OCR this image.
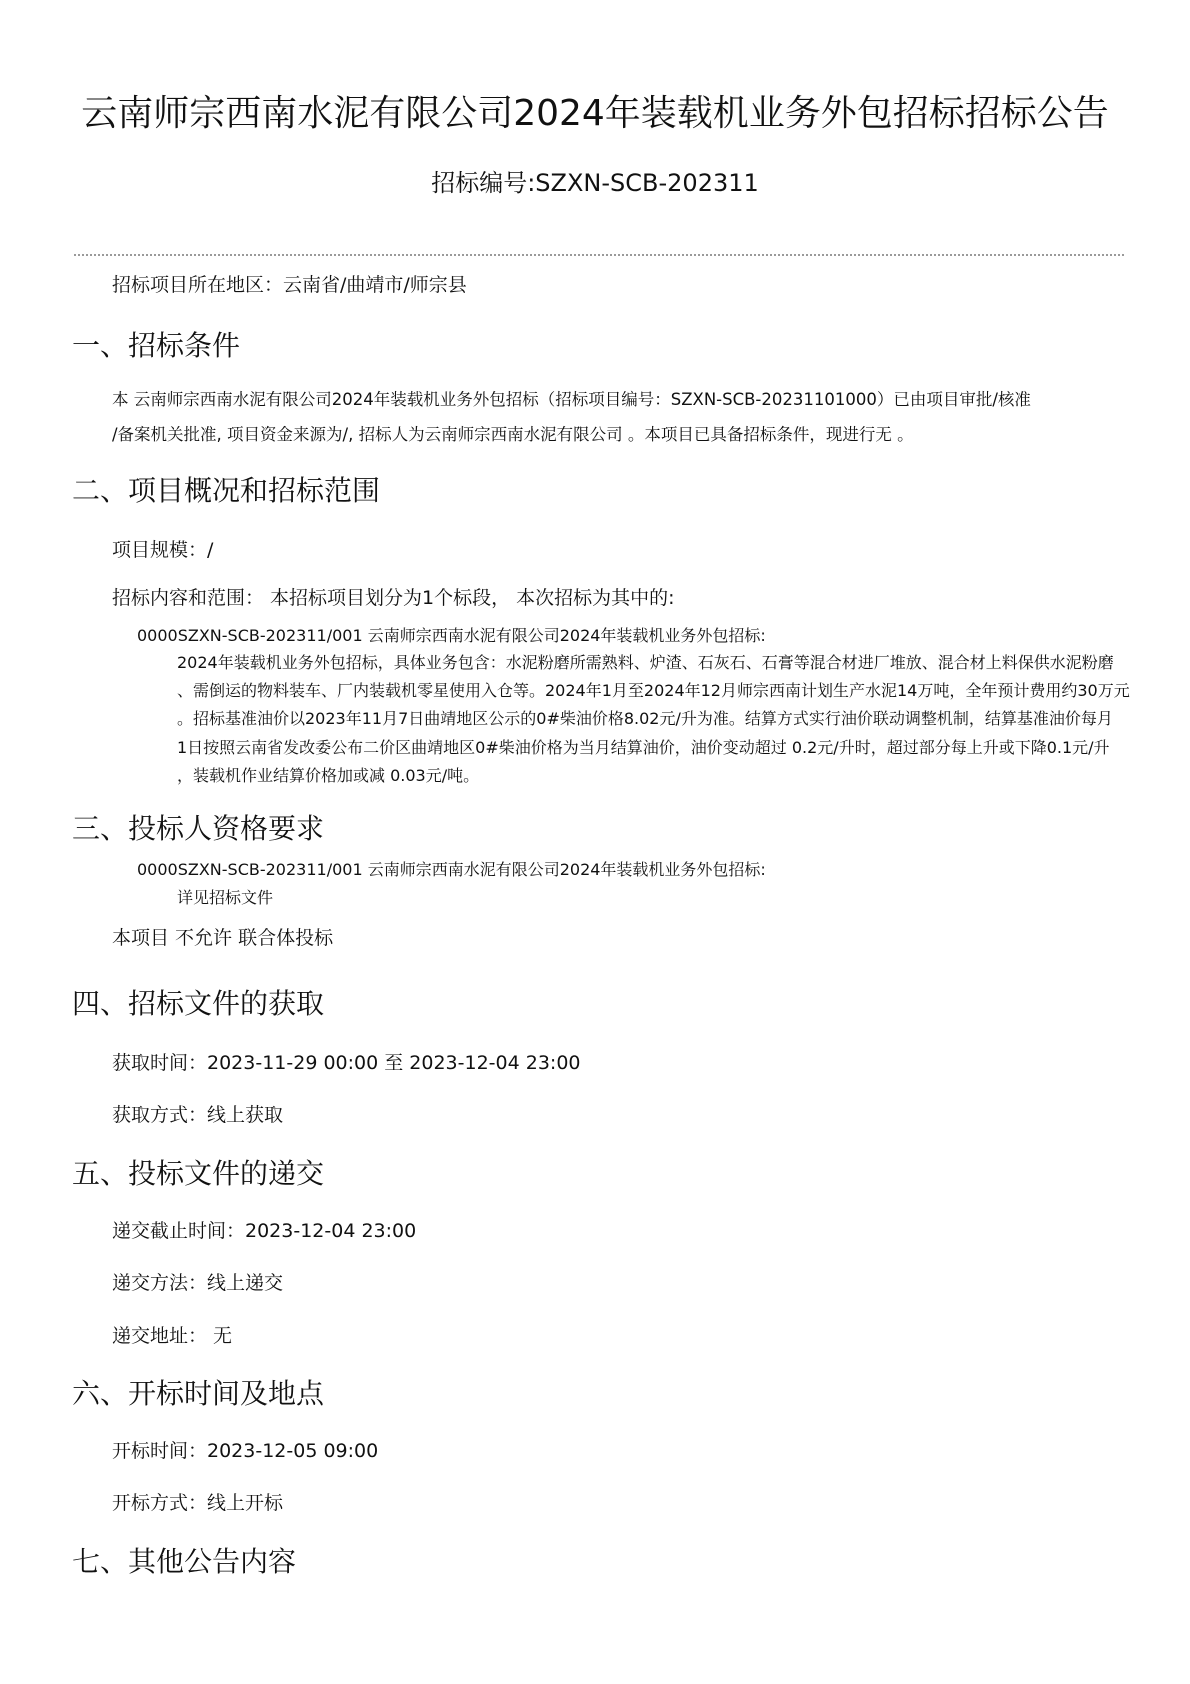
云南师宗西南水泥有限公司2024年装载机业务外包招标招标公告
招标编号:SZXN-SCB-202311
招标项目所在地区：云南省/曲靖市/师宗县
一、招标条件
本 云南师宗西南水泥有限公司2024年装载机业务外包招标（招标项目编号：SZXN-SCB-20231101000）已由项目审批/核准
/备案机关批准, 项目资金来源为/, 招标人为云南师宗西南水泥有限公司 。本项目已具备招标条件，现进行无 。
二、项目概况和招标范围
项目规模：/
招标内容和范围： 本招标项目划分为1个标段， 本次招标为其中的:
0000SZXN-SCB-202311/001 云南师宗西南水泥有限公司2024年装载机业务外包招标:
2024年装载机业务外包招标，具体业务包含：水泥粉磨所需熟料、炉渣、石灰石、石膏等混合材进厂堆放、混合材上料保供水泥粉磨
、需倒运的物料装车、厂内装载机零星使用入仓等。2024年1月至2024年12月师宗西南计划生产水泥14万吨，全年预计费用约30万元
。招标基准油价以2023年11月7日曲靖地区公示的0#柴油价格8.02元/升为准。结算方式实行油价联动调整机制，结算基准油价每月
1日按照云南省发改委公布二价区曲靖地区0#柴油价格为当月结算油价，油价变动超过 0.2元/升时，超过部分每上升或下降0.1元/升
，装载机作业结算价格加或减 0.03元/吨。
三、投标人资格要求
0000SZXN-SCB-202311/001 云南师宗西南水泥有限公司2024年装载机业务外包招标:
详见招标文件
本项目 不允许 联合体投标
四、招标文件的获取
获取时间：2023-11-29 00:00 至 2023-12-04 23:00
获取方式：线上获取
五、投标文件的递交
递交截止时间：2023-12-04 23:00
递交方法：线上递交
递交地址： 无
六、开标时间及地点
开标时间：2023-12-05 09:00
开标方式：线上开标
七、其他公告内容
